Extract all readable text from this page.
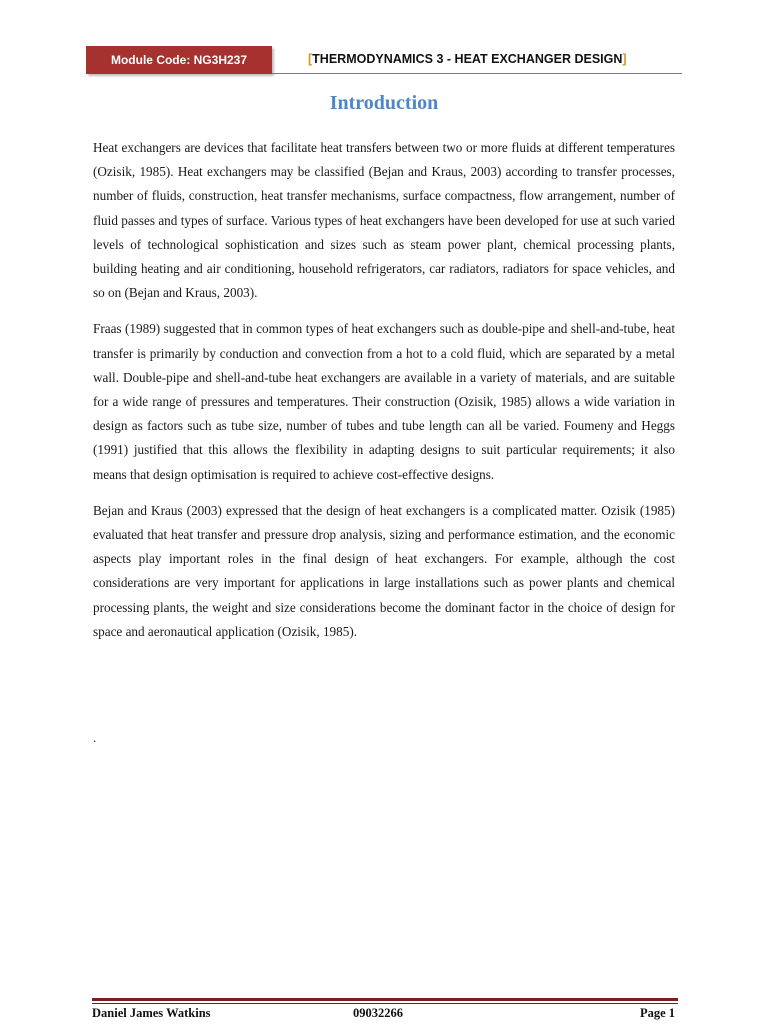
Module Code: NG3H237	[THERMODYNAMICS 3 - HEAT EXCHANGER DESIGN]
Introduction

Heat exchangers are devices that facilitate heat transfers between two or more fluids at different temperatures (Ozisik, 1985). Heat exchangers may be classified (Bejan and Kraus, 2003) according to transfer processes, number of fluids, construction, heat transfer mechanisms, surface compactness, flow arrangement, number of fluid passes and types of surface. Various types of heat exchangers have been developed for use at such varied levels of technological sophistication and sizes such as steam power plant, chemical processing plants, building heating and air conditioning, household refrigerators, car radiators, radiators for space vehicles, and so on (Bejan and Kraus, 2003).

Fraas (1989) suggested that in common types of heat exchangers such as double-pipe and shell-and-tube, heat transfer is primarily by conduction and convection from a hot to a cold fluid, which are separated by a metal wall. Double-pipe and shell-and-tube heat exchangers are available in a variety of materials, and are suitable for a wide range of pressures and temperatures. Their construction (Ozisik, 1985) allows a wide variation in design as factors such as tube size, number of tubes and tube length can all be varied. Foumeny and Heggs (1991) justified that this allows the flexibility in adapting designs to suit particular requirements; it also means that design optimisation is required to achieve cost-effective designs.

Bejan and Kraus (2003) expressed that the design of heat exchangers is a complicated matter. Ozisik (1985) evaluated that heat transfer and pressure drop analysis, sizing and performance estimation, and the economic aspects play important roles in the final design of heat exchangers. For example, although the cost considerations are very important for applications in large installations such as power plants and chemical processing plants, the weight and size considerations become the dominant factor in the choice of design for space and aeronautical application (Ozisik, 1985).

.
Daniel James Watkins	09032266	Page 1
